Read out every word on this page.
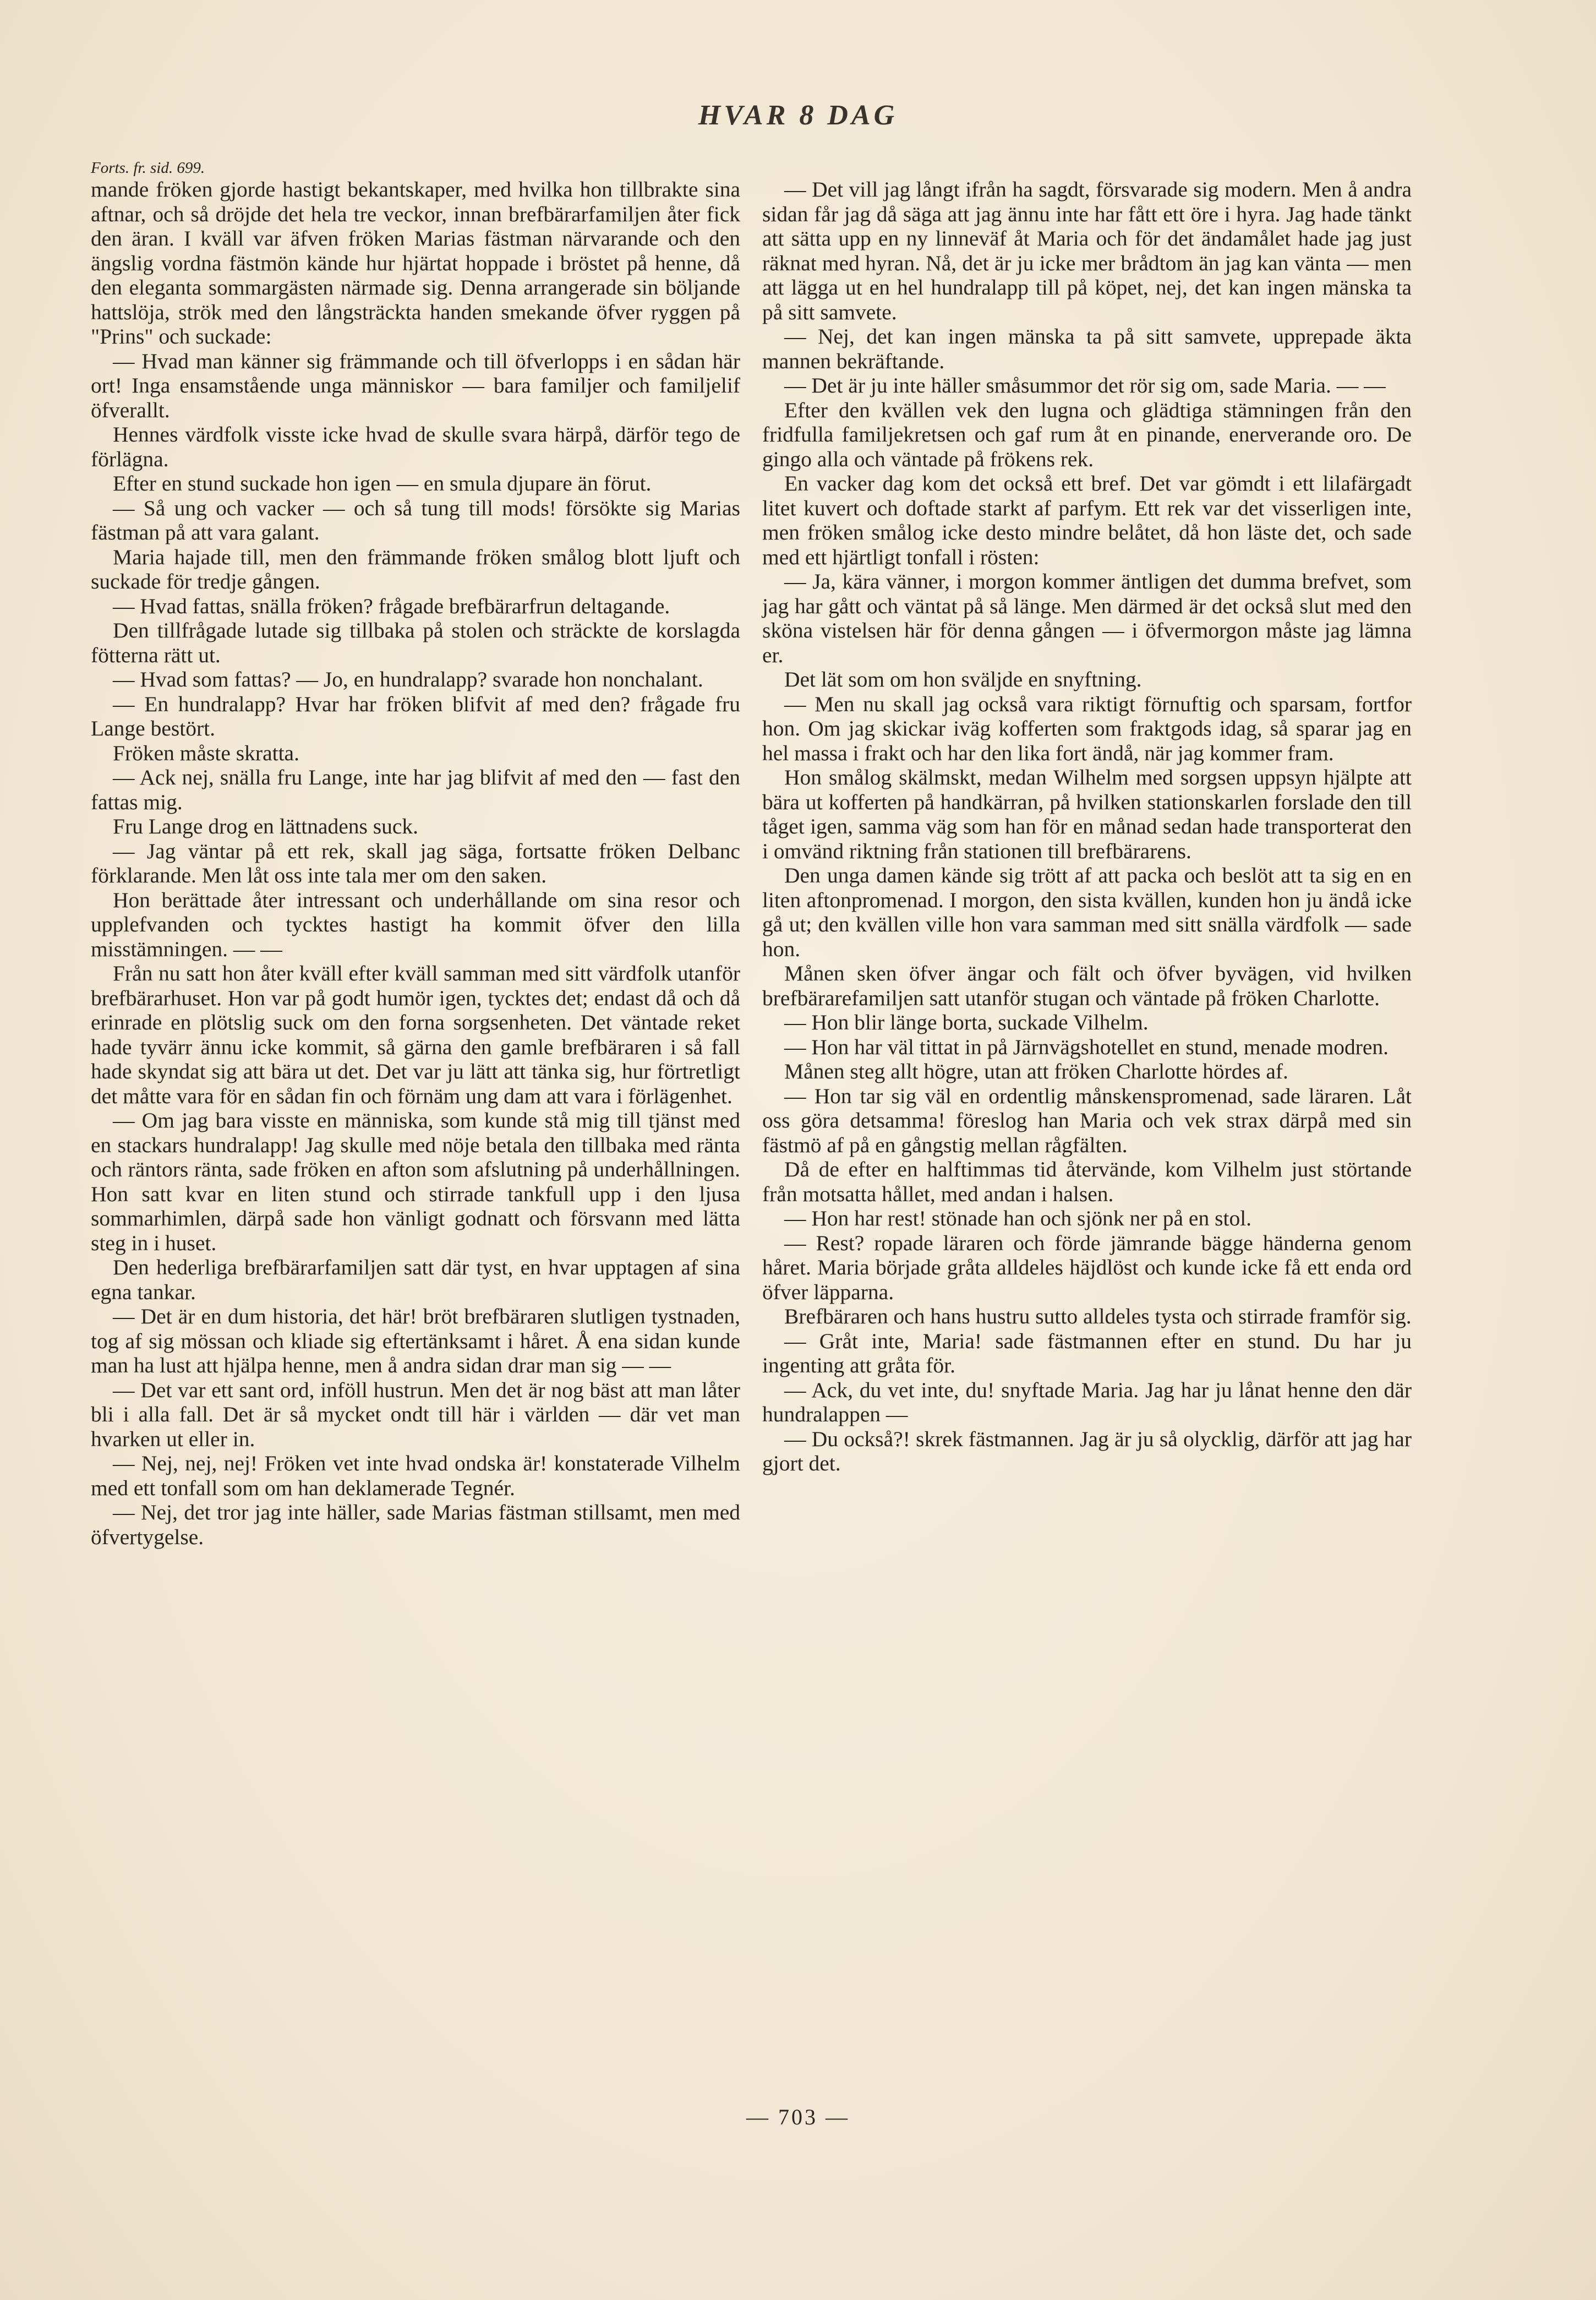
HVAR 8 DAG
Forts. fr. sid. 699.

mande fröken gjorde hastigt bekantskaper, med hvilka hon tillbrakte sina aftnar, och så dröjde det hela tre veckor, innan brefbärarfamiljen åter fick den äran. I kväll var äfven fröken Marias fästman närvarande och den ängslig vordna fästmön kände hur hjärtat hoppade i bröstet på henne, då den eleganta sommargästen närmade sig. Denna arrangerade sin böljande hattslöja, strök med den långsträckta handen smekande öfver ryggen på "Prins" och suckade:

— Hvad man känner sig främmande och till öfverlopps i en sådan här ort! Inga ensamstående unga människor — bara familjer och familjelif öfverallt.

Hennes värdfolk visste icke hvad de skulle svara härpå, därför tego de förlägna.

Efter en stund suckade hon igen — en smula djupare än förut.

— Så ung och vacker — och så tung till mods! försökte sig Marias fästman på att vara galant.

Maria hajade till, men den främmande fröken smålog blott ljuft och suckade för tredje gången.

— Hvad fattas, snälla fröken? frågade brefbärarfrun deltagande.

Den tillfrågade lutade sig tillbaka på stolen och sträckte de korslagda fötterna rätt ut.

— Hvad som fattas? — Jo, en hundralapp? svarade hon nonchalant.

— En hundralapp? Hvar har fröken blifvit af med den? frågade fru Lange bestört.

Fröken måste skratta.

— Ack nej, snälla fru Lange, inte har jag blifvit af med den — fast den fattas mig.

Fru Lange drog en lättnadens suck.

— Jag väntar på ett rek, skall jag säga, fortsatte fröken Delbanc förklarande. Men låt oss inte tala mer om den saken.

Hon berättade åter intressant och underhållande om sina resor och upplefvanden och tycktes hastigt ha kommit öfver den lilla misstämningen. — —

Från nu satt hon åter kväll efter kväll samman med sitt värdfolk utanför brefbärarhuset. Hon var på godt humör igen, tycktes det; endast då och då erinrade en plötslig suck om den forna sorgsenheten. Det väntade reket hade tyvärr ännu icke kommit, så gärna den gamle brefbäraren i så fall hade skyndat sig att bära ut det. Det var ju lätt att tänka sig, hur förtretligt det måtte vara för en sådan fin och förnäm ung dam att vara i förlägenhet.

— Om jag bara visste en människa, som kunde stå mig till tjänst med en stackars hundralapp! Jag skulle med nöje betala den tillbaka med ränta och räntors ränta, sade fröken en afton som afslutning på underhållningen. Hon satt kvar en liten stund och stirrade tankfull upp i den ljusa sommarhimlen, därpå sade hon vänligt godnatt och försvann med lätta steg in i huset.

Den hederliga brefbärarfamiljen satt där tyst, en hvar upptagen af sina egna tankar.

— Det är en dum historia, det här! bröt brefbäraren slutligen tystnaden, tog af sig mössan och kliade sig eftertänksamt i håret. Å ena sidan kunde man ha lust att hjälpa henne, men å andra sidan drar man sig — —

— Det var ett sant ord, inföll hustrun. Men det är nog bäst att man låter bli i alla fall. Det är så mycket ondt till här i världen — där vet man hvarken ut eller in.

— Nej, nej, nej! Fröken vet inte hvad ondska är! konstaterade Vilhelm med ett tonfall som om han deklamerade Tegnér.

— Nej, det tror jag inte häller, sade Marias fästman stillsamt, men med öfvertygelse.

— Det vill jag långt ifrån ha sagdt, försvarade sig modern. Men å andra sidan får jag då säga att jag ännu inte har fått ett öre i hyra. Jag hade tänkt att sätta upp en ny linneväf åt Maria och för det ändamålet hade jag just räknat med hyran. Nå, det är ju icke mer brådtom än jag kan vänta — men att lägga ut en hel hundralapp till på köpet, nej, det kan ingen mänska ta på sitt samvete.

— Nej, det kan ingen mänska ta på sitt samvete, upprepade äkta mannen bekräftande.

— Det är ju inte häller småsummor det rör sig om, sade Maria. — —

Efter den kvällen vek den lugna och glädtiga stämningen från den fridfulla familjekretsen och gaf rum åt en pinande, enerverande oro. De gingo alla och väntade på frökens rek.

En vacker dag kom det också ett bref. Det var gömdt i ett lilafärgadt litet kuvert och doftade starkt af parfym. Ett rek var det visserligen inte, men fröken smålog icke desto mindre belåtet, då hon läste det, och sade med ett hjärtligt tonfall i rösten:

— Ja, kära vänner, i morgon kommer äntligen det dumma brefvet, som jag har gått och väntat på så länge. Men därmed är det också slut med den sköna vistelsen här för denna gången — i öfvermorgon måste jag lämna er.

Det lät som om hon sväljde en snyftning.

— Men nu skall jag också vara riktigt förnuftig och sparsam, fortfor hon. Om jag skickar iväg kofferten som fraktgods idag, så sparar jag en hel massa i frakt och har den lika fort ändå, när jag kommer fram.

Hon smålog skälmskt, medan Wilhelm med sorgsen uppsyn hjälpte att bära ut kofferten på handkärran, på hvilken stationskarlen forslade den till tåget igen, samma väg som han för en månad sedan hade transporterat den i omvänd riktning från stationen till brefbärarens.

Den unga damen kände sig trött af att packa och beslöt att ta sig en en liten aftonpromenad. I morgon, den sista kvällen, kunden hon ju ändå icke gå ut; den kvällen ville hon vara samman med sitt snälla värdfolk — sade hon.

Månen sken öfver ängar och fält och öfver byvägen, vid hvilken brefbärarefamiljen satt utanför stugan och väntade på fröken Charlotte.

— Hon blir länge borta, suckade Vilhelm.

— Hon har väl tittat in på Järnvägshotellet en stund, menade modren.

Månen steg allt högre, utan att fröken Charlotte hördes af.

— Hon tar sig väl en ordentlig månskenspromenad, sade läraren. Låt oss göra detsamma! föreslog han Maria och vek strax därpå med sin fästmö af på en gångstig mellan rågfälten.

Då de efter en halftimmas tid återvände, kom Vilhelm just störtande från motsatta hållet, med andan i halsen.

— Hon har rest! stönade han och sjönk ner på en stol.

— Rest? ropade läraren och förde jämrande bägge händerna genom håret. Maria började gråta alldeles häjdlöst och kunde icke få ett enda ord öfver läpparna.

Brefbäraren och hans hustru sutto alldeles tysta och stirrade framför sig.

— Gråt inte, Maria! sade fästmannen efter en stund. Du har ju ingenting att gråta för.

— Ack, du vet inte, du! snyftade Maria. Jag har ju lånat henne den där hundralappen —

— Du också?! skrek fästmannen. Jag är ju så olycklig, därför att jag har gjort det.

— 703 —
